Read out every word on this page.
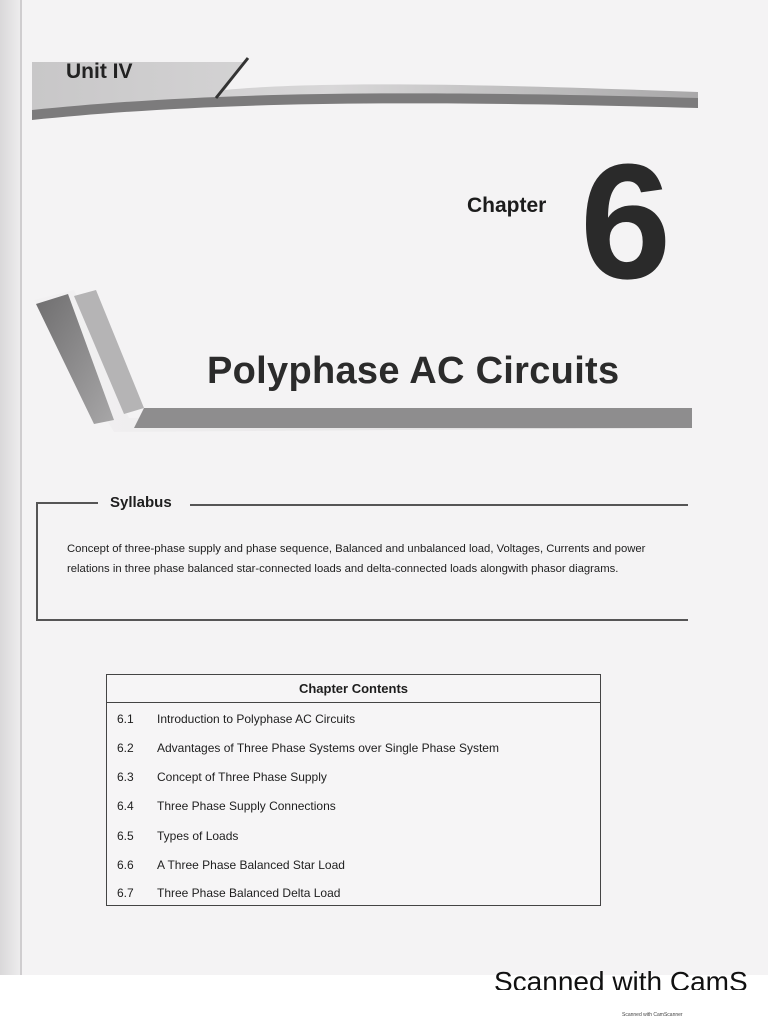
Unit IV
Chapter 6
Polyphase AC Circuits
Syllabus
Concept of three-phase supply and phase sequence, Balanced and unbalanced load, Voltages, Currents and power relations in three phase balanced star-connected loads and delta-connected loads alongwith phasor diagrams.
Chapter Contents
6.1 Introduction to Polyphase AC Circuits
6.2 Advantages of Three Phase Systems over Single Phase System
6.3 Concept of Three Phase Supply
6.4 Three Phase Supply Connections
6.5 Types of Loads
6.6 A Three Phase Balanced Star Load
6.7 Three Phase Balanced Delta Load
Scanned with CamS
Scanned with CamScanner
